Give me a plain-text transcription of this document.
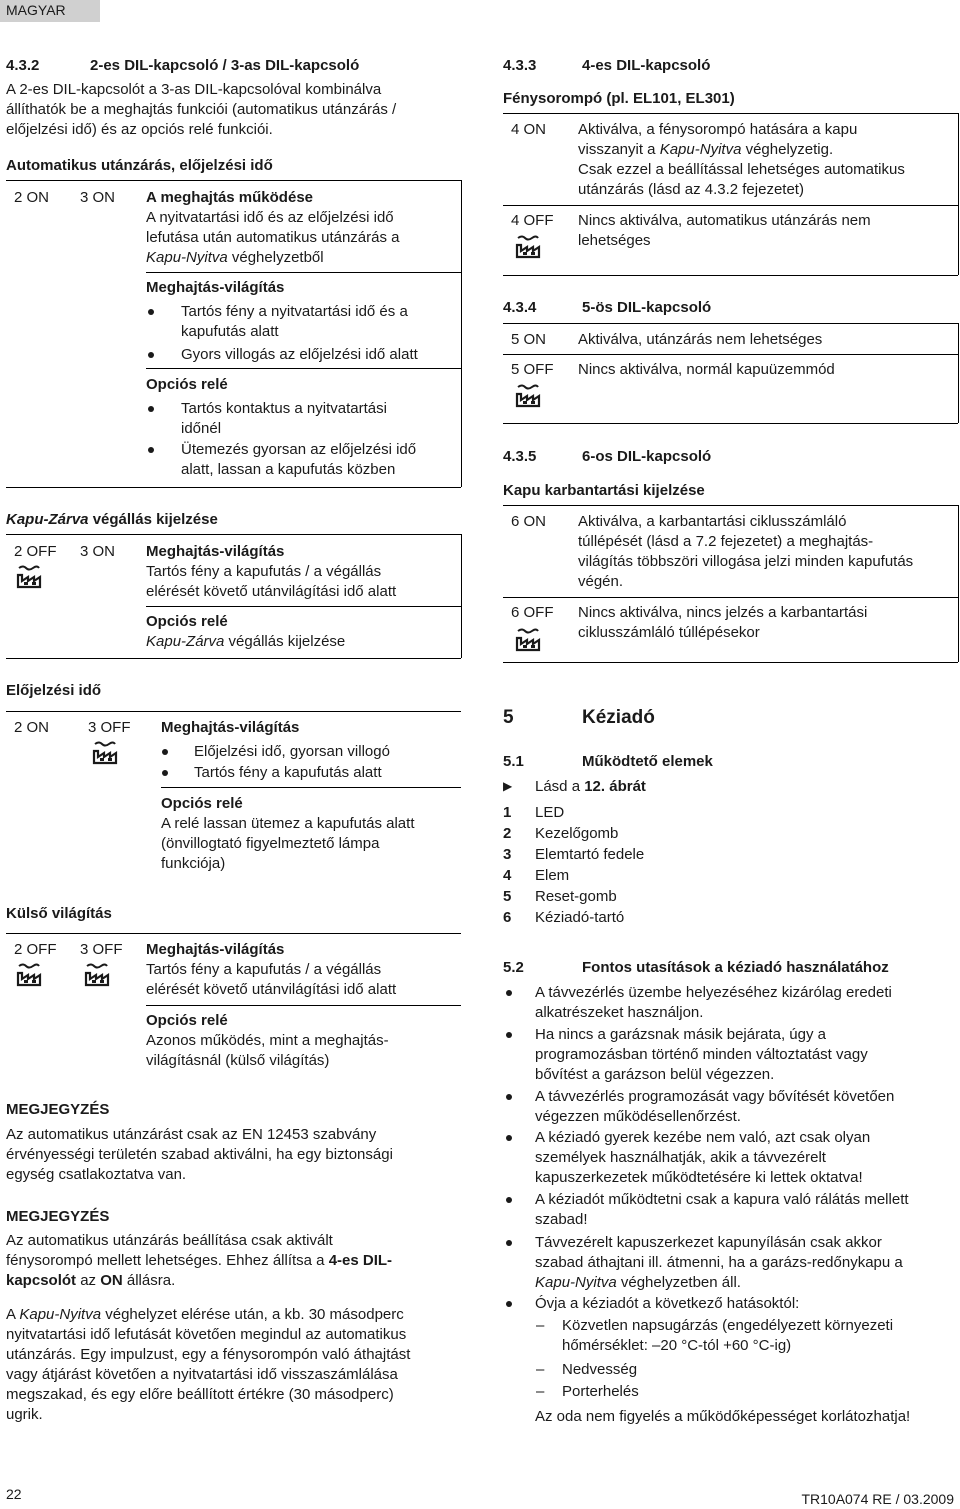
MAGYAR
4.3.2	2-es DIL-kapcsoló / 3-as DIL-kapcsoló
A 2-es DIL-kapcsolót a 3-as DIL-kapcsolóval kombinálva
állíthatók be a meghajtás funkciói (automatikus utánzárás /
előjelzési idő) és az opciós relé funkciói.
Automatikus utánzárás, előjelzési idő
2 ON 3 ON A meghajtás működése
A nyitvatartási idő és az előjelzési idő
lefutása után automatikus utánzárás a
Kapu-Nyitva véghelyzetből
Meghajtás-világítás
Tartós fény a nyitvatartási idő és a
kapufutás alatt
Gyors villogás az előjelzési idő alatt
Opciós relé
Tartós kontaktus a nyitvatartási
időnél
Ütemezés gyorsan az előjelzési idő
alatt, lassan a kapufutás közben
Kapu-Zárva végállás kijelzése
2 OFF 3 ON Meghajtás-világítás
Tartós fény a kapufutás / a végállás
elérését követő utánvilágítási idő alatt
Opciós relé
Kapu-Zárva végállás kijelzése
Előjelzési idő
2 ON	3 OFF Meghajtás-világítás
Előjelzési idő, gyorsan villogó
Tartós fény a kapufutás alatt
Opciós relé
A relé lassan ütemez a kapufutás alatt
(önvillogtató figyelmeztető lámpa
funkciója)
Külső világítás
2 OFF 3 OFF Meghajtás-világítás
Tartós fény a kapufutás / a végállás
elérését követő utánvilágítási idő alatt
Opciós relé
Azonos működés, mint a meghajtás-
világításnál (külső világítás)
MEGJEGYZÉS
Az automatikus utánzárást csak az EN 12453 szabvány
érvényességi területén szabad aktiválni, ha egy biztonsági
egység csatlakoztatva van.
MEGJEGYZÉS
Az automatikus utánzárás beállítása csak aktivált
fénysorompó mellett lehetséges. Ehhez állítsa a 4-es DIL-
kapcsolót az ON állásra.
A Kapu-Nyitva véghelyzet elérése után, a kb. 30 másodperc
nyitvatartási idő lefutását követően megindul az automatikus
utánzárás. Egy impulzust, egy a fénysorompón való áthajtást
vagy átjárást követően a nyitvatartási idő visszaszámlálása
megszakad, és egy előre beállított értékre (30 másodperc)
ugrik.
4.3.3	4-es DIL-kapcsoló
Fénysorompó (pl. EL101, EL301)
4 ON Aktiválva, a fénysorompó hatására a kapu
visszanyit a Kapu-Nyitva véghelyzetig.
Csak ezzel a beállítással lehetséges automatikus
utánzárás (lásd az 4.3.2 fejezetet)
4 OFF Nincs aktiválva, automatikus utánzárás nem
lehetséges
4.3.4	5-ös DIL-kapcsoló
5 ON Aktiválva, utánzárás nem lehetséges
5 OFF Nincs aktiválva, normál kapuüzemmód
4.3.5	6-os DIL-kapcsoló
Kapu karbantartási kijelzése
6 ON Aktiválva, a karbantartási ciklusszámláló
túllépését (lásd a 7.2 fejezetet) a meghajtás-
világítás többszöri villogása jelzi minden kapufutás
végén.
6 OFF Nincs aktiválva, nincs jelzés a karbantartási
ciklusszámláló túllépésekor
5	Kéziadó
5.1	Működtető elemek
▶ Lásd a 12. ábrát
1 LED
2 Kezelőgomb
3 Elemtartó fedele
4 Elem
5 Reset-gomb
6 Kéziadó-tartó
5.2	Fontos utasítások a kéziadó használatához
A távvezérlés üzembe helyezéséhez kizárólag eredeti
alkatrészeket használjon.
Ha nincs a garázsnak másik bejárata, úgy a
programozásban történő minden változtatást vagy
bővítést a garázson belül végezzen.
A távvezérlés programozását vagy bővítését követően
végezzen működésellenőrzést.
A kéziadó gyerek kezébe nem való, azt csak olyan
személyek használhatják, akik a távvezérelt
kapuszerkezetek működtetésére ki lettek oktatva!
A kéziadót működtetni csak a kapura való rálátás mellett
szabad!
Távvezérelt kapuszerkezet kapunyílásán csak akkor
szabad áthajtani ill. átmenni, ha a garázs-redőnykapu a
Kapu-Nyitva véghelyzetben áll.
Óvja a kéziadót a következő hatásoktól:
– Közvetlen napsugárzás (engedélyezett környezeti
hőmérséklet: –20 °C-tól +60 °C-ig)
– Nedvesség
– Porterhelés
Az oda nem figyelés a működőképességet korlátozhatja!
22	TR10A074 RE / 03.2009
